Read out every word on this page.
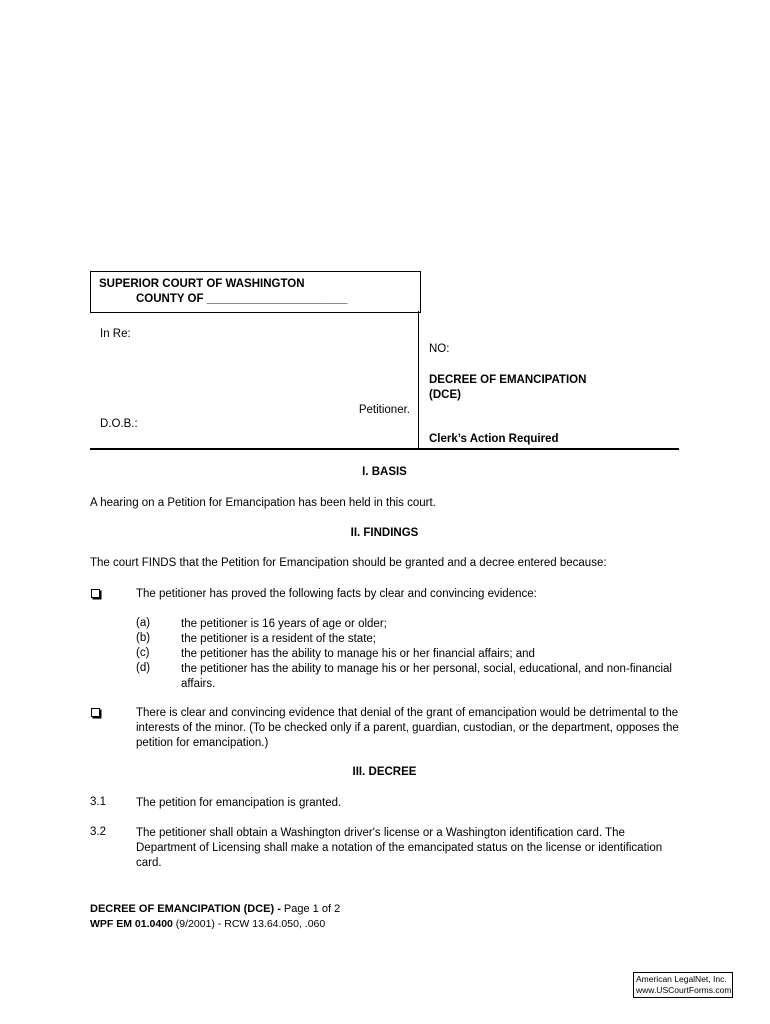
SUPERIOR COURT OF WASHINGTON
COUNTY OF ______________________
In Re:
Petitioner.
D.O.B.:
NO:
DECREE OF EMANCIPATION
(DCE)
Clerk’s Action Required
I. BASIS
A hearing on a Petition for Emancipation has been held in this court.
II. FINDINGS
The court FINDS that the Petition for Emancipation should be granted and a decree entered because:
The petitioner has proved the following facts by clear and convincing evidence:
(a)	the petitioner is 16 years of age or older;
(b)	the petitioner is a resident of the state;
(c)	the petitioner has the ability to manage his or her financial affairs; and
(d)	the petitioner has the ability to manage his or her personal, social, educational, and non-financial affairs.
There is clear and convincing evidence that denial of the grant of emancipation would be detrimental to the interests of the minor. (To be checked only if a parent, guardian, custodian, or the department, opposes the petition for emancipation.)
III. DECREE
3.1	The petition for emancipation is granted.
3.2	The petitioner shall obtain a Washington driver's license or a Washington identification card. The Department of Licensing shall make a notation of the emancipated status on the license or identification card.
DECREE OF EMANCIPATION (DCE) - Page 1 of 2
WPF EM 01.0400 (9/2001) - RCW 13.64.050, .060
American LegalNet, Inc.
www.USCourtForms.com
